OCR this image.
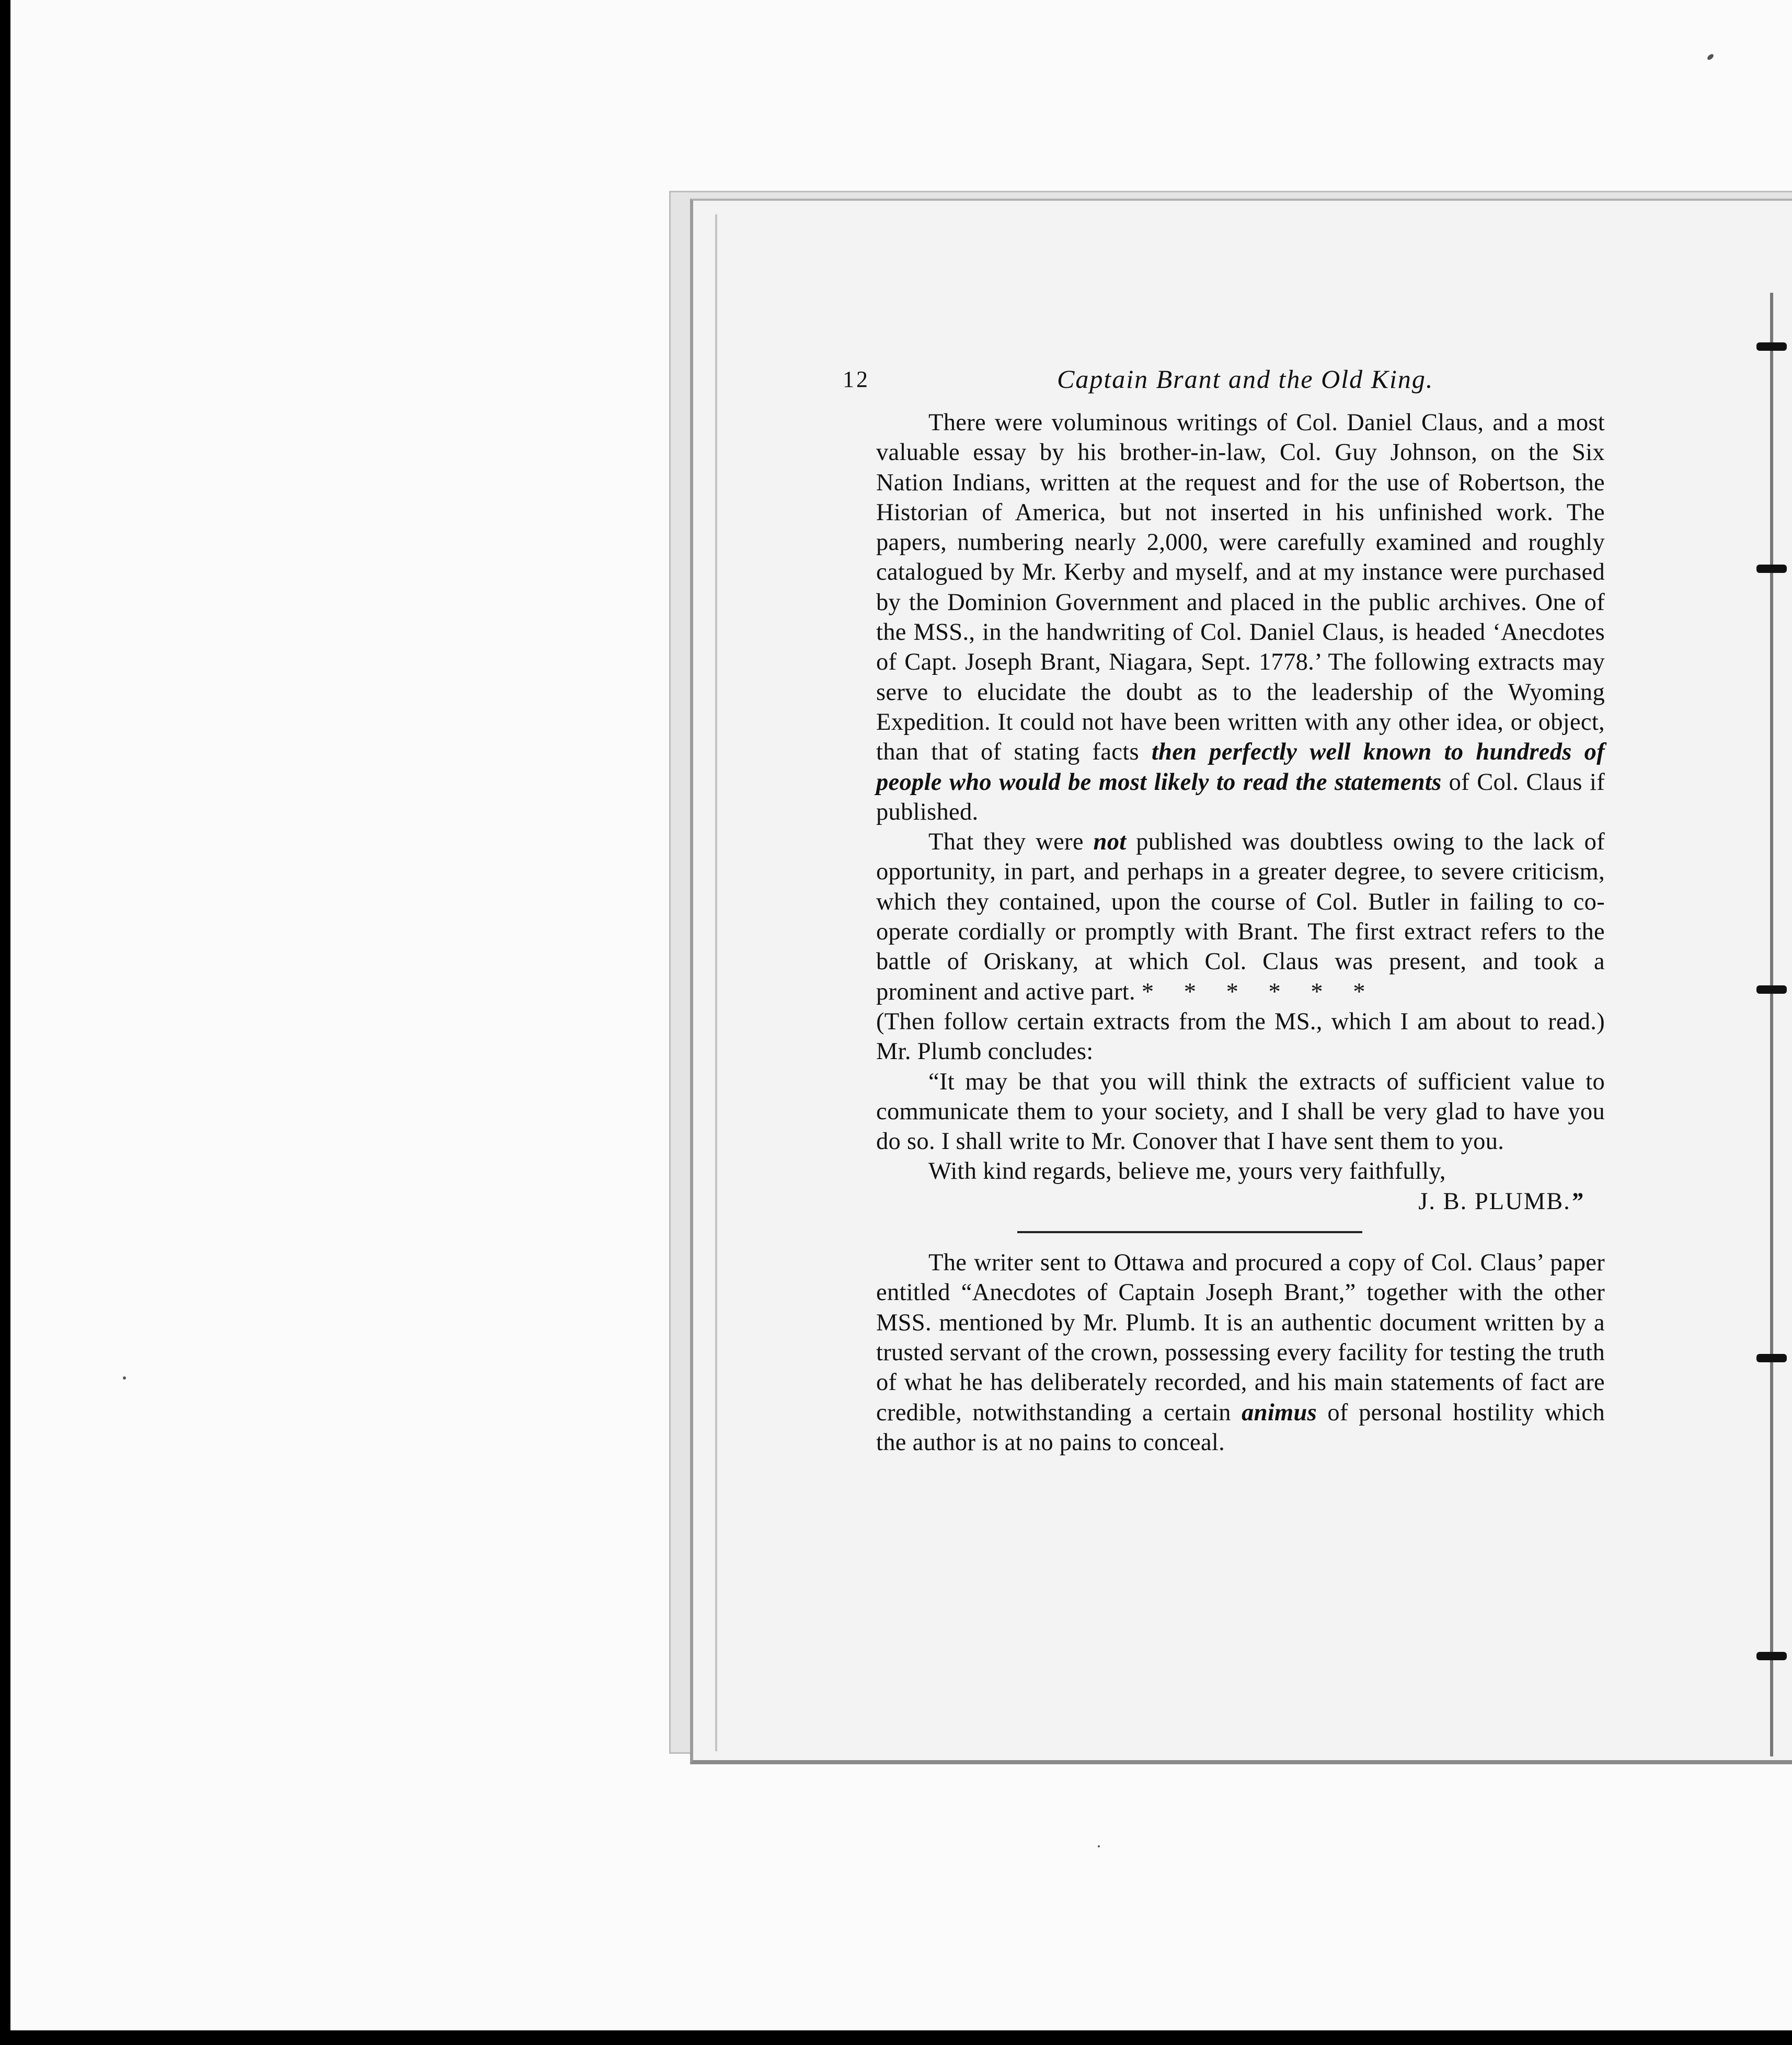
12	Captain Brant and the Old King.

There were voluminous writings of Col. Daniel Claus, and a most valuable essay by his brother-in-law, Col. Guy Johnson, on the Six Nation Indians, written at the request and for the use of Robertson, the Historian of America, but not inserted in his unfinished work. The papers, numbering nearly 2,000, were carefully examined and roughly catalogued by Mr. Kerby and myself, and at my instance were purchased by the Dominion Government and placed in the public archives. One of the MSS., in the handwriting of Col. Daniel Claus, is headed ‘Anecdotes of Capt. Joseph Brant, Niagara, Sept. 1778.’ The following extracts may serve to elucidate the doubt as to the leadership of the Wyoming Expedition. It could not have been written with any other idea, or object, than that of stating facts then perfectly well known to hundreds of people who would be most likely to read the statements of Col. Claus if published.

That they were not published was doubtless owing to the lack of opportunity, in part, and perhaps in a greater degree, to severe criticism, which they contained, upon the course of Col. Butler in failing to co-operate cordially or promptly with Brant. The first extract refers to the battle of Oriskany, at which Col. Claus was present, and took a prominent and active part. * * * * * *

(Then follow certain extracts from the MS., which I am about to read.) Mr. Plumb concludes:

“It may be that you will think the extracts of sufficient value to communicate them to your society, and I shall be very glad to have you do so. I shall write to Mr. Conover that I have sent them to you.

With kind regards, believe me, yours very faithfully,

J. B. PLUMB.”

The writer sent to Ottawa and procured a copy of Col. Claus’ paper entitled “Anecdotes of Captain Joseph Brant,” together with the other MSS. mentioned by Mr. Plumb. It is an authentic document written by a trusted servant of the crown, possessing every facility for testing the truth of what he has deliberately recorded, and his main statements of fact are credible, notwithstanding a certain animus of personal hostility which the author is at no pains to conceal.
